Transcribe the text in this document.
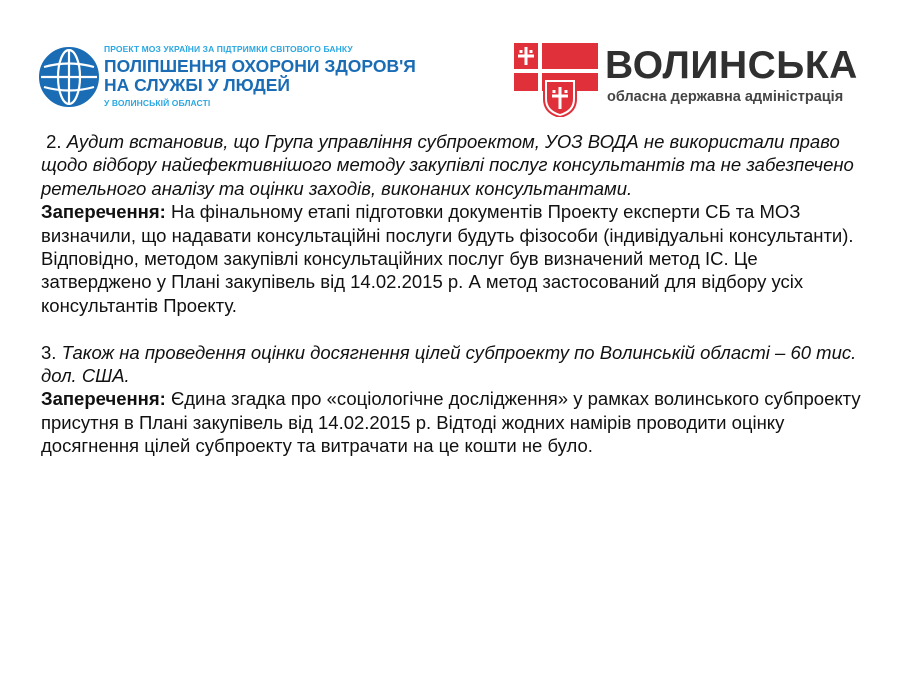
ПРОЕКТ МОЗ УКРАЇНИ ЗА ПІДТРИМКИ СВІТОВОГО БАНКУ
ПОЛІПШЕННЯ ОХОРОНИ ЗДОРОВ'Я
НА СЛУЖБІ У ЛЮДЕЙ
У ВОЛИНСЬКІЙ ОБЛАСТІ
ВОЛИНСЬКА
обласна державна адміністрація

2. Аудит встановив, що Група управління субпроектом, УОЗ ВОДА не використали право щодо відбору найефективнішого методу закупівлі послуг консультантів та не забезпечено ретельного аналізу та оцінки заходів, виконаних консультантами.

Заперечення: На фінальному етапі підготовки документів Проекту експерти СБ та МОЗ визначили, що надавати консультаційні послуги будуть фізособи (індивідуальні консультанти). Відповідно, методом закупівлі консультаційних послуг був визначений метод ІС. Це затверджено у Плані закупівель від 14.02.2015 р. А метод застосований для відбору усіх консультантів Проекту.

3. Також на проведення оцінки досягнення цілей субпроекту по Волинській області – 60 тис. дол. США.

Заперечення: Єдина згадка про «соціологічне дослідження» у рамках волинського субпроекту присутня в Плані закупівель від 14.02.2015 р. Відтоді жодних намірів проводити оцінку досягнення цілей субпроекту та витрачати на це кошти не було.
